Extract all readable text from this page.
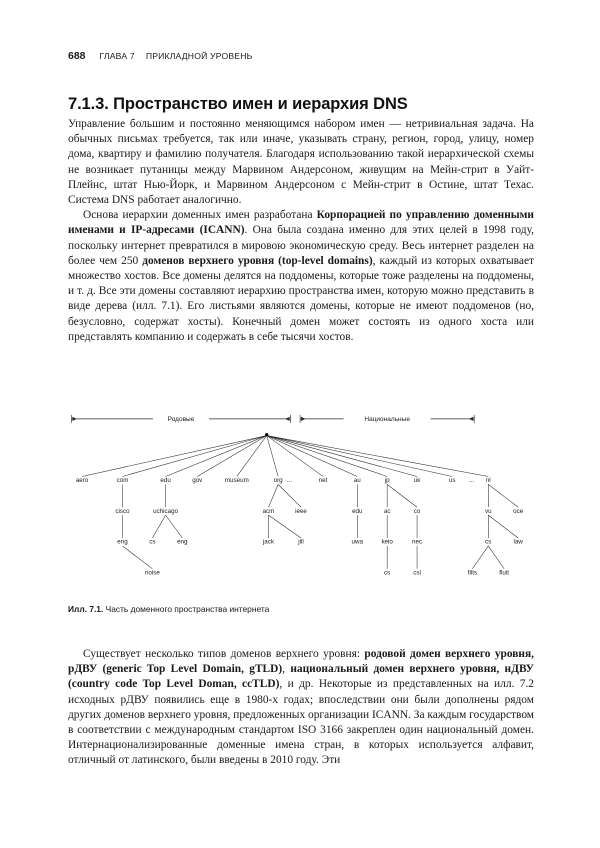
688 ГЛАВА 7 ПРИКЛАДНОЙ УРОВЕНЬ
7.1.3. Пространство имен и иерархия DNS

Управление большим и постоянно меняющимся набором имен — нетривиальная задача. На обычных письмах требуется, так или иначе, указывать страну, регион, город, улицу, номер дома, квартиру и фамилию получателя. Благодаря использованию такой иерархической схемы не возникает путаницы между Марвином Андерсоном, живущим на Мейн-стрит в Уайт-Плейнс, штат Нью-Йорк, и Марвином Андерсоном с Мейн-стрит в Остине, штат Техас. Система DNS работает аналогично.

Основа иерархии доменных имен разработана Корпорацией по управлению доменными именами и IP-адресами (ICANN). Она была создана именно для этих целей в 1998 году, поскольку интернет превратился в мировою экономическую среду. Весь интернет разделен на более чем 250 доменов верхнего уровня (top-level domains), каждый из которых охватывает множество хостов. Все домены делятся на поддомены, которые тоже разделены на поддомены, и т. д. Все эти домены составляют иерархию пространства имен, которую можно представить в виде дерева (илл. 7.1). Его листьями являются домены, которые не имеют поддоменов (но, безусловно, содержат хосты). Конечный домен может состоять из одного хоста или представлять компанию и содержать в себе тысячи хостов.

Родовые	Национальные
aero	com	edu	gov	museum	org	net	au	jp	uk	us	nl
...	...
cisco	uchicago	acm	ieee	edu	ac	co	vu	oce
eng	cs	eng	jack	jill	uwa	keio	nec	cs	law
noise	cs	csl	filts	fluit
Илл. 7.1. Часть доменного пространства интернета

Существует несколько типов доменов верхнего уровня: родовой домен верхнего уровня, рДВУ (generic Top Level Domain, gTLD), национальный домен верхнего уровня, нДВУ (country code Top Level Doman, ccTLD), и др. Некоторые из представленных на илл. 7.2 исходных рДВУ появились еще в 1980-х годах; впоследствии они были дополнены рядом других доменов верхнего уровня, предложенных организации ICANN. За каждым государством в соответствии с международным стандартом ISO 3166 закреплен один национальный домен. Интернационализированные доменные имена стран, в которых используется алфавит, отличный от латинского, были введены в 2010 году. Эти
